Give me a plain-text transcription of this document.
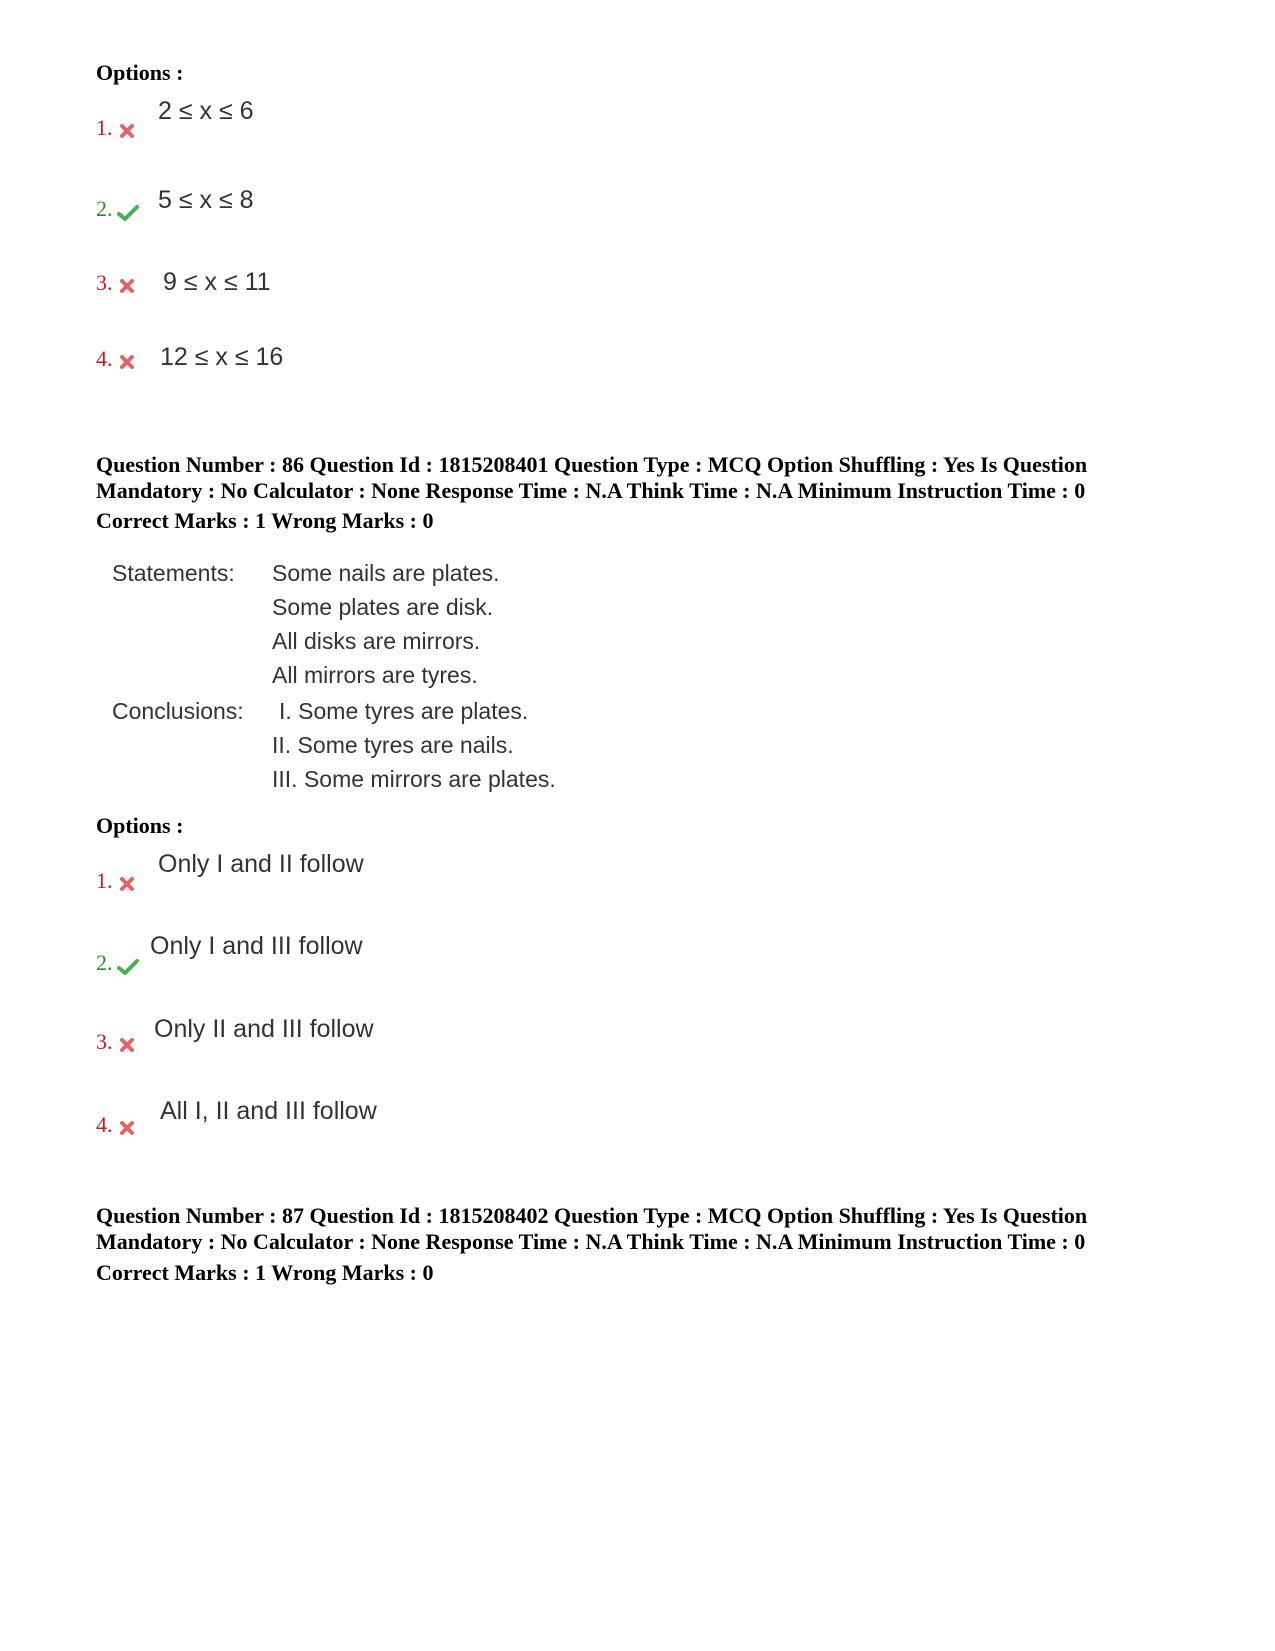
Options :
1.
2 ≤ x ≤ 6
2.	5 ≤ x ≤ 8
3.	9 ≤ x ≤ 11
4.	12 ≤ x ≤ 16
Question Number : 86 Question Id : 1815208401 Question Type : MCQ Option Shuffling : Yes Is Question
Mandatory : No Calculator : None Response Time : N.A Think Time : N.A Minimum Instruction Time : 0
Correct Marks : 1 Wrong Marks : 0
Statements: Some nails are plates.
Some plates are disk.
All disks are mirrors.
All mirrors are tyres.
Conclusions: I. Some tyres are plates.
II. Some tyres are nails.
III. Some mirrors are plates.
Options :
1.
Only I and II follow
2.
Only I and III follow
3.	Only II and III follow
4.	All I, II and III follow
Question Number : 87 Question Id : 1815208402 Question Type : MCQ Option Shuffling : Yes Is Question
Mandatory : No Calculator : None Response Time : N.A Think Time : N.A Minimum Instruction Time : 0
Correct Marks : 1 Wrong Marks : 0
